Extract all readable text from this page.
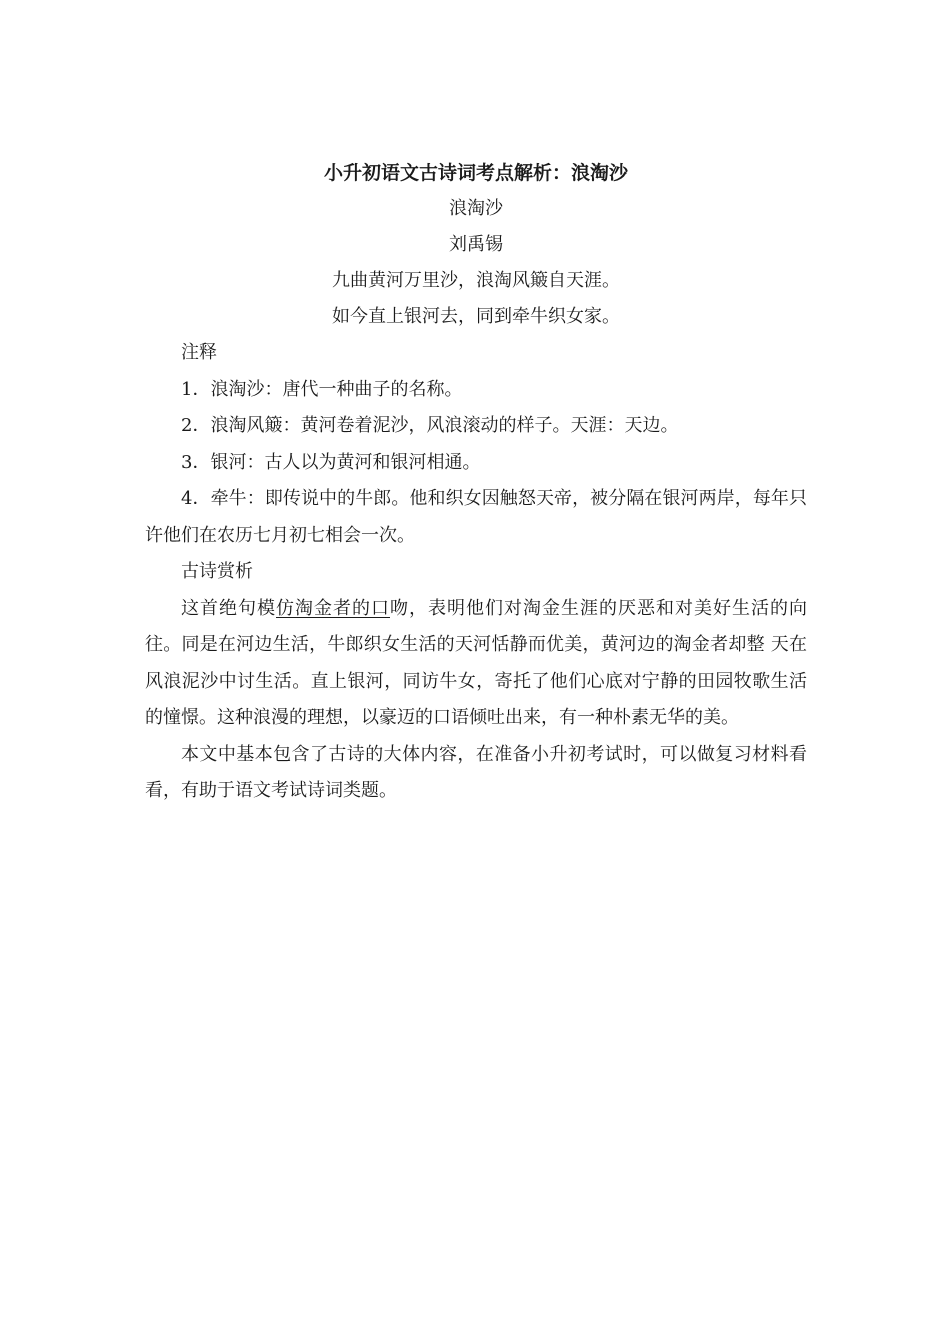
小升初语文古诗词考点解析：浪淘沙

浪淘沙

刘禹锡

九曲黄河万里沙，浪淘风簸自天涯。

如今直上银河去，同到牵牛织女家。

注释

1．浪淘沙：唐代一种曲子的名称。

2．浪淘风簸：黄河卷着泥沙，风浪滚动的样子。天涯：天边。

3．银河：古人以为黄河和银河相通。

4．牵牛：即传说中的牛郎。他和织女因触怒天帝，被分隔在银河两岸，每年只许他们在农历七月初七相会一次。

古诗赏析

这首绝句模仿淘金者的口吻，表明他们对淘金生涯的厌恶和对美好生活的向往。同是在河边生活，牛郎织女生活的天河恬静而优美，黄河边的淘金者却整 天在风浪泥沙中讨生活。直上银河，同访牛女，寄托了他们心底对宁静的田园牧歌生活的憧憬。这种浪漫的理想，以豪迈的口语倾吐出来，有一种朴素无华的美。

本文中基本包含了古诗的大体内容，在准备小升初考试时，可以做复习材料看看，有助于语文考试诗词类题。
